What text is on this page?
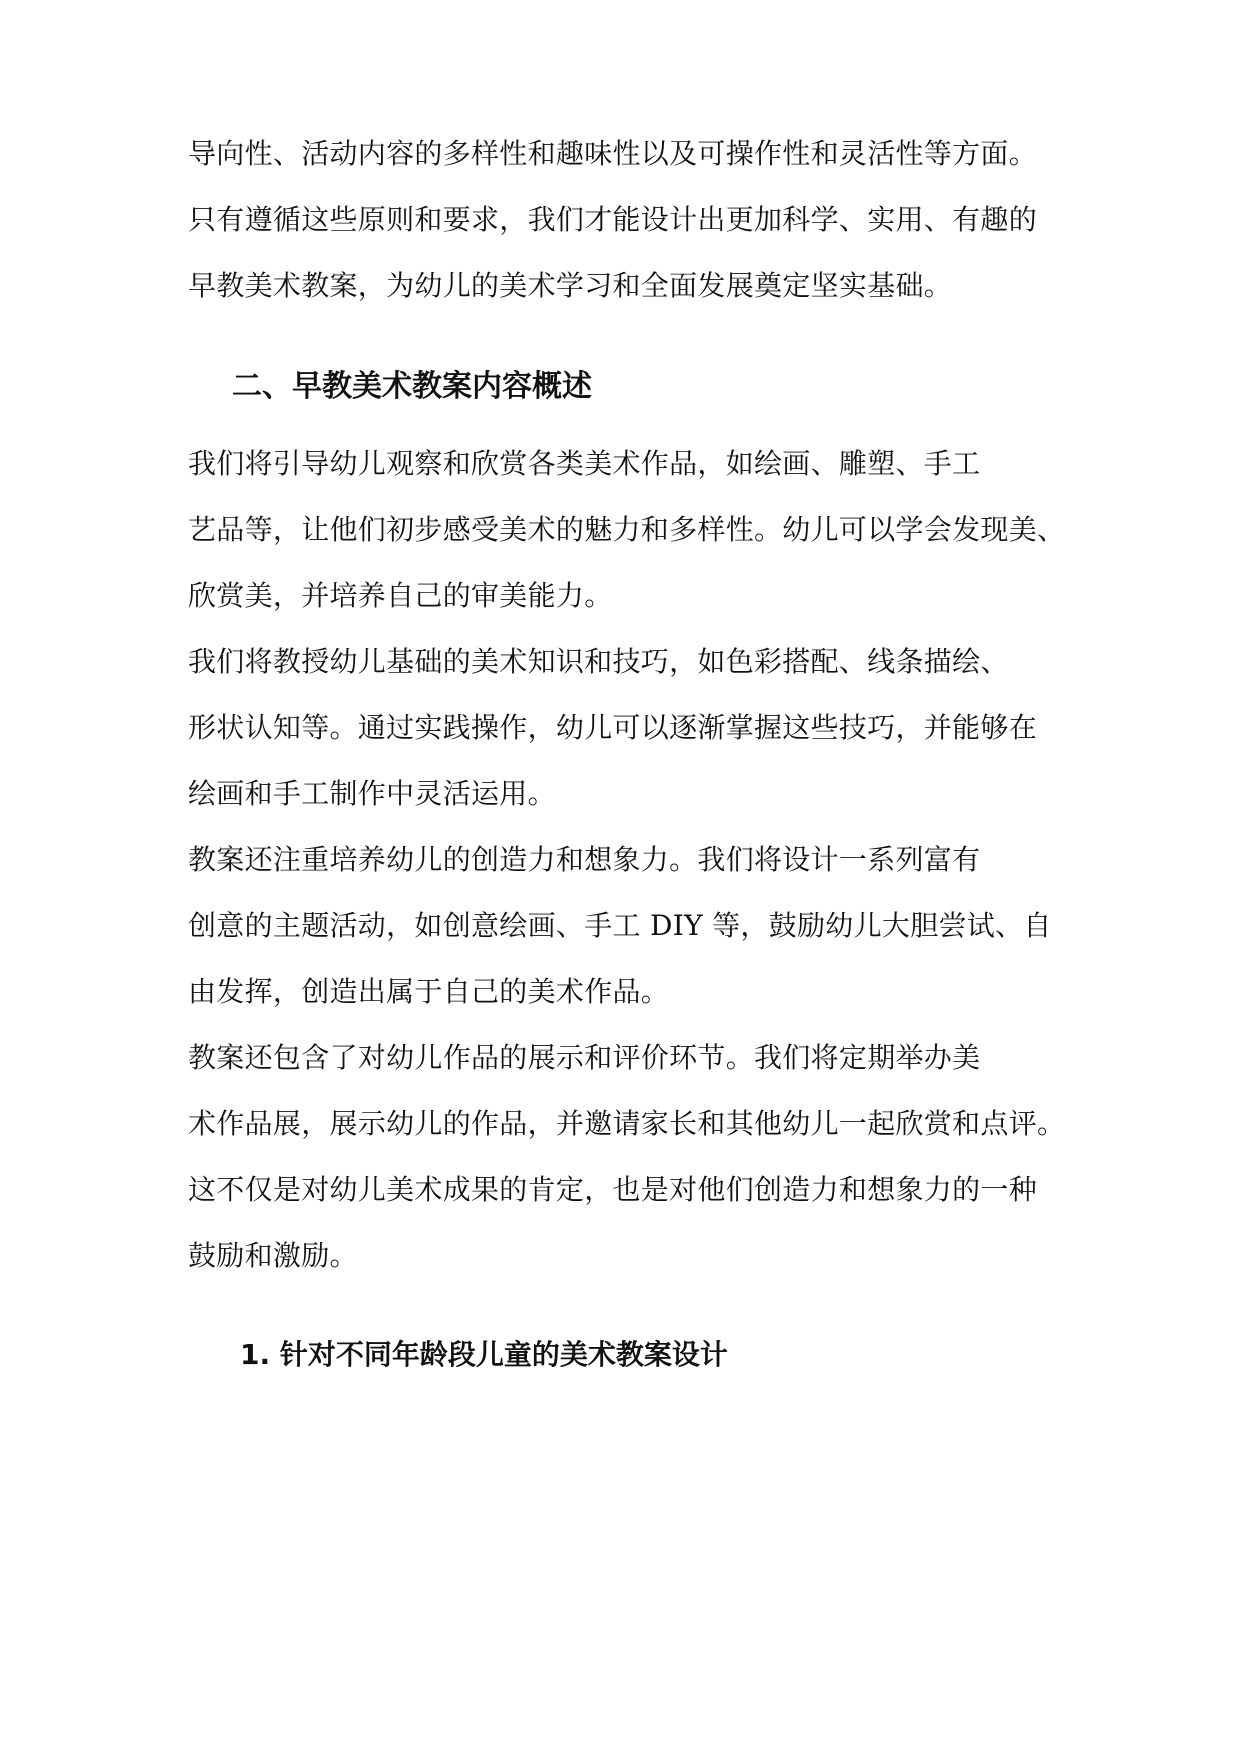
导向性、活动内容的多样性和趣味性以及可操作性和灵活性等方面。
只有遵循这些原则和要求，我们才能设计出更加科学、实用、有趣的
早教美术教案，为幼儿的美术学习和全面发展奠定坚实基础。
二、早教美术教案内容概述
我们将引导幼儿观察和欣赏各类美术作品，如绘画、雕塑、手工
艺品等，让他们初步感受美术的魅力和多样性。幼儿可以学会发现美、
欣赏美，并培养自己的审美能力。
我们将教授幼儿基础的美术知识和技巧，如色彩搭配、线条描绘、
形状认知等。通过实践操作，幼儿可以逐渐掌握这些技巧，并能够在
绘画和手工制作中灵活运用。
教案还注重培养幼儿的创造力和想象力。我们将设计一系列富有
创意的主题活动，如创意绘画、手工 DIY 等，鼓励幼儿大胆尝试、自
由发挥，创造出属于自己的美术作品。
教案还包含了对幼儿作品的展示和评价环节。我们将定期举办美
术作品展，展示幼儿的作品，并邀请家长和其他幼儿一起欣赏和点评。
这不仅是对幼儿美术成果的肯定，也是对他们创造力和想象力的一种
鼓励和激励。
1. 针对不同年龄段儿童的美术教案设计
